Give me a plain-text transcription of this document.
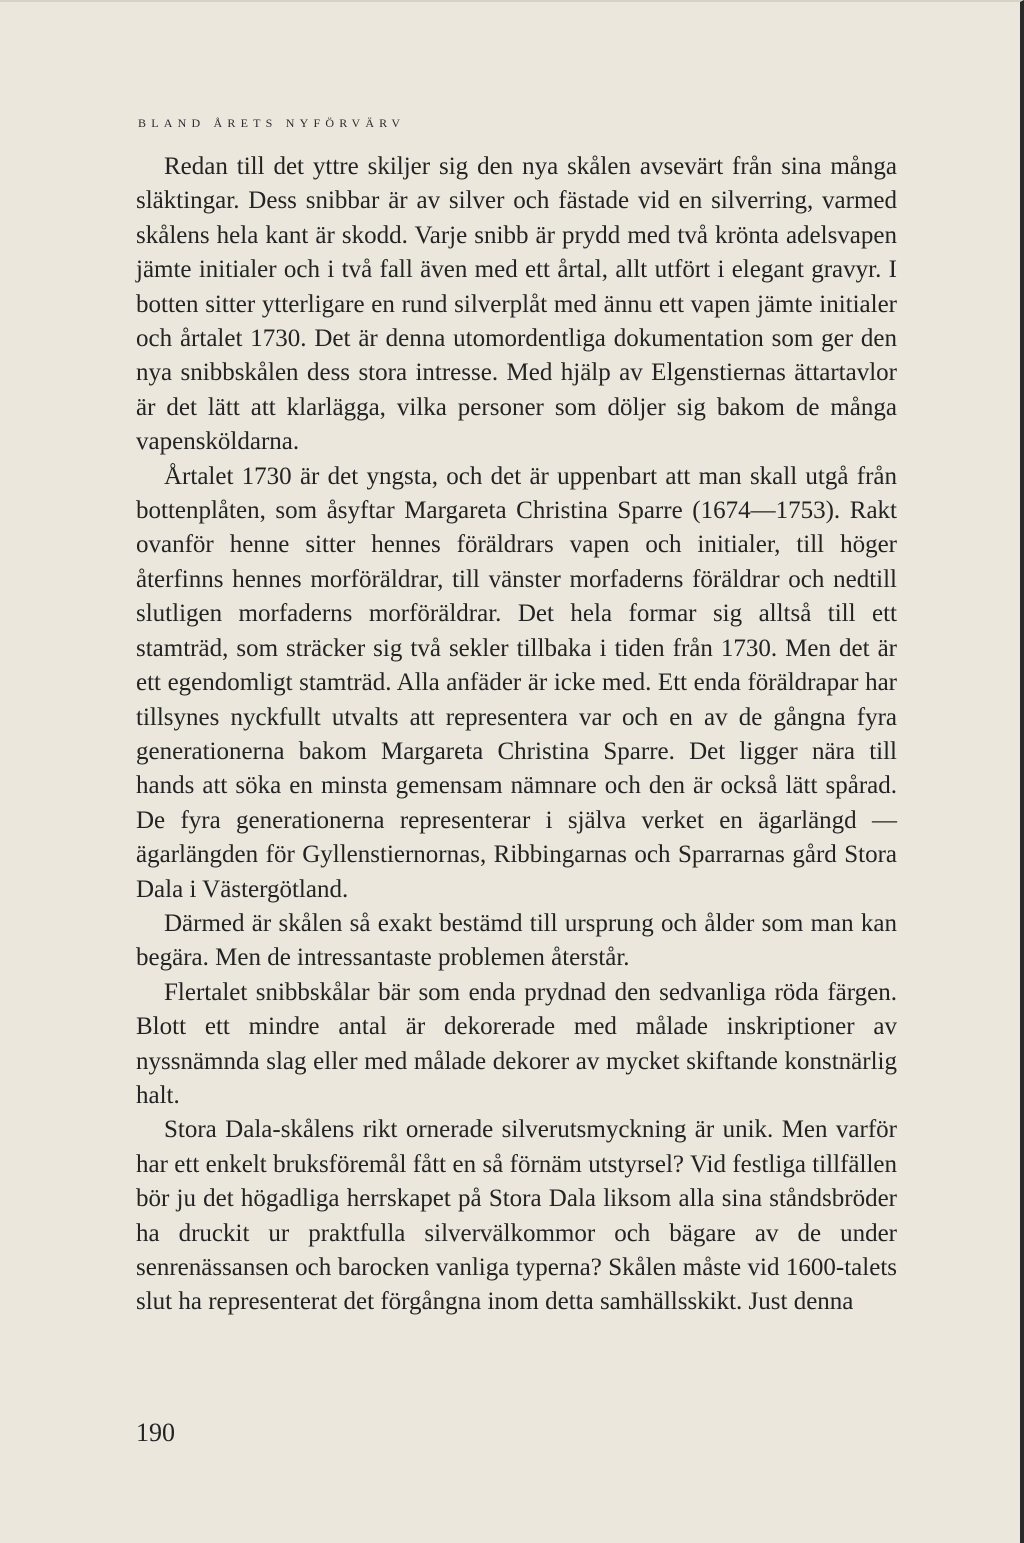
BLAND ÅRETS NYFÖRVÄRV

Redan till det yttre skiljer sig den nya skålen avsevärt från sina många släktingar. Dess snibbar är av silver och fästade vid en silverring, varmed skålens hela kant är skodd. Varje snibb är prydd med två krönta adelsvapen jämte initialer och i två fall även med ett årtal, allt utfört i elegant gravyr. I botten sitter ytterligare en rund silverplåt med ännu ett vapen jämte initialer och årtalet 1730. Det är denna utomordentliga dokumentation som ger den nya snibbskålen dess stora intresse. Med hjälp av Elgenstiernas ättartavlor är det lätt att klarlägga, vilka personer som döljer sig bakom de många vapensköldarna.

Årtalet 1730 är det yngsta, och det är uppenbart att man skall utgå från bottenplåten, som åsyftar Margareta Christina Sparre (1674—1753). Rakt ovanför henne sitter hennes föräldrars vapen och initialer, till höger återfinns hennes morföräldrar, till vänster morfaderns föräldrar och nedtill slutligen morfaderns morföräldrar. Det hela formar sig alltså till ett stamträd, som sträcker sig två sekler tillbaka i tiden från 1730. Men det är ett egendomligt stamträd. Alla anfäder är icke med. Ett enda föräldrapar har tillsynes nyckfullt utvalts att representera var och en av de gångna fyra generationerna bakom Margareta Christina Sparre. Det ligger nära till hands att söka en minsta gemensam nämnare och den är också lätt spårad. De fyra generationerna representerar i själva verket en ägarlängd — ägarlängden för Gyllenstiernornas, Ribbingarnas och Sparrarnas gård Stora Dala i Västergötland.

Därmed är skålen så exakt bestämd till ursprung och ålder som man kan begära. Men de intressantaste problemen återstår.

Flertalet snibbskålar bär som enda prydnad den sedvanliga röda färgen. Blott ett mindre antal är dekorerade med målade inskriptioner av nyssnämnda slag eller med målade dekorer av mycket skiftande konstnärlig halt.

Stora Dala-skålens rikt ornerade silverutsmyckning är unik. Men varför har ett enkelt bruksföremål fått en så förnäm utstyrsel? Vid festliga tillfällen bör ju det högadliga herrskapet på Stora Dala liksom alla sina ståndsbröder ha druckit ur praktfulla silvervälkommor och bägare av de under senrenässansen och barocken vanliga typerna? Skålen måste vid 1600-talets slut ha representerat det förgångna inom detta samhällsskikt. Just denna

190
